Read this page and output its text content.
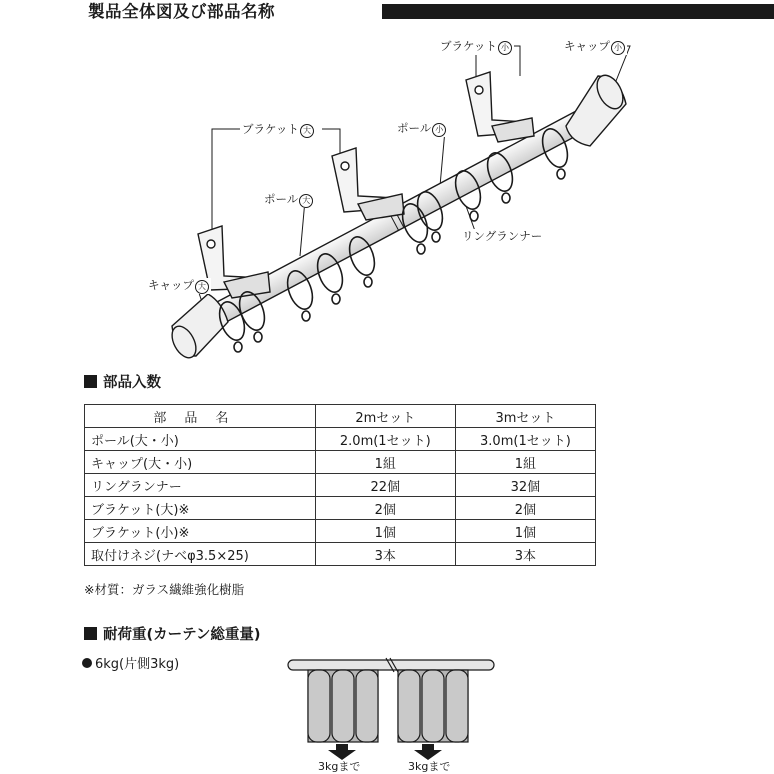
製品全体図及び部品名称
ブラケット 小	キャップ 小
ブラケット 大	ポール 小
ポール 大
リングランナー
キャップ 大
部品入数
部品名	2mセット	3mセット
ポール(大・小)	2.0m(1セット)	3.0m(1セット)
キャップ(大・小)	1組	1組
リングランナー	22個	32個
ブラケット(大)※	2個	2個
ブラケット(小)※	1個	1個
取付けネジ(ナベφ3.5×25)	3本	3本
※材質：ガラス繊維強化樹脂
耐荷重(カーテン総重量)
6kg(片側3kg)
3kgまで	3kgまで
